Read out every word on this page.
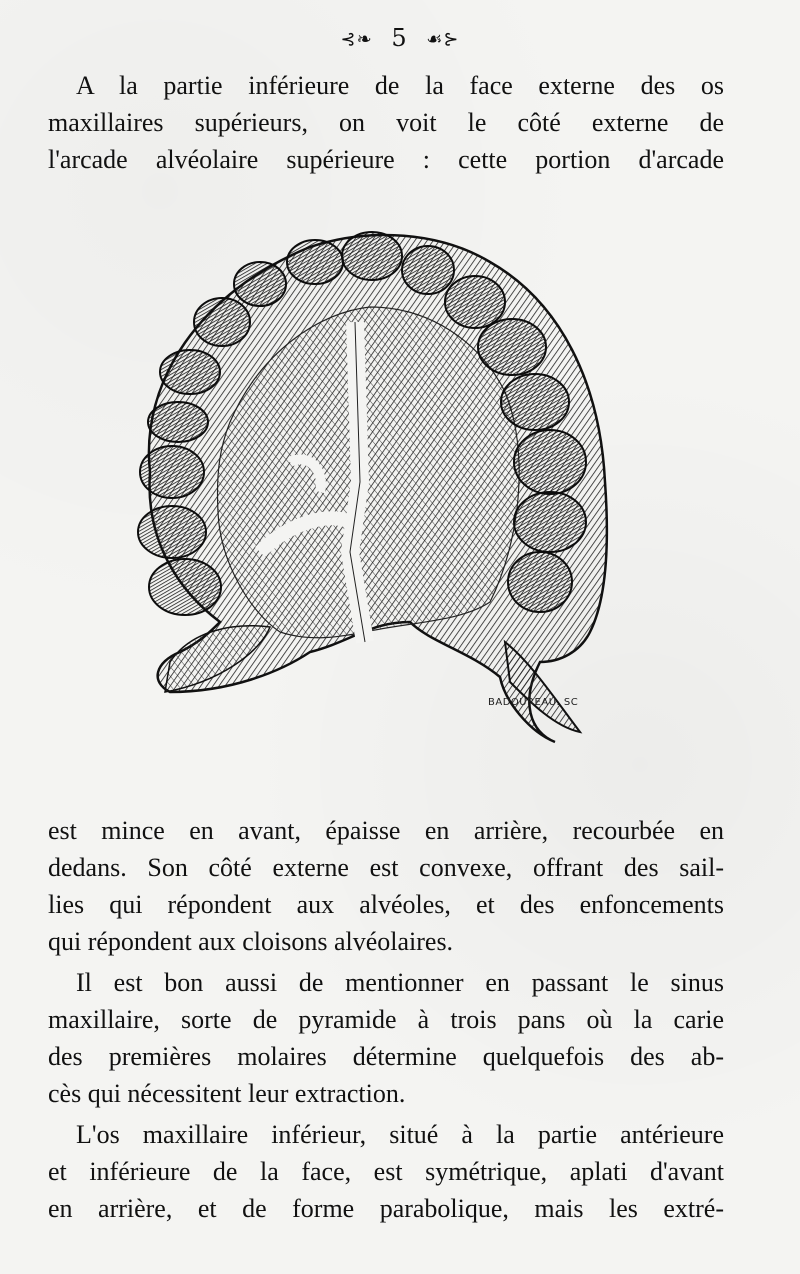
⊰❧ 5 ☙⊱
A la partie inférieure de la face externe des os
maxillaires supérieurs, on voit le côté externe de
l'arcade alvéolaire supérieure : cette portion d'arcade
BADOUREAU. SC
est mince en avant, épaisse en arrière, recourbée en
dedans. Son côté externe est convexe, offrant des sail-
lies qui répondent aux alvéoles, et des enfoncements
qui répondent aux cloisons alvéolaires.
Il est bon aussi de mentionner en passant le sinus
maxillaire, sorte de pyramide à trois pans où la carie
des premières molaires détermine quelquefois des ab-
cès qui nécessitent leur extraction.
L'os maxillaire inférieur, situé à la partie antérieure
et inférieure de la face, est symétrique, aplati d'avant
en arrière, et de forme parabolique, mais les extré-
